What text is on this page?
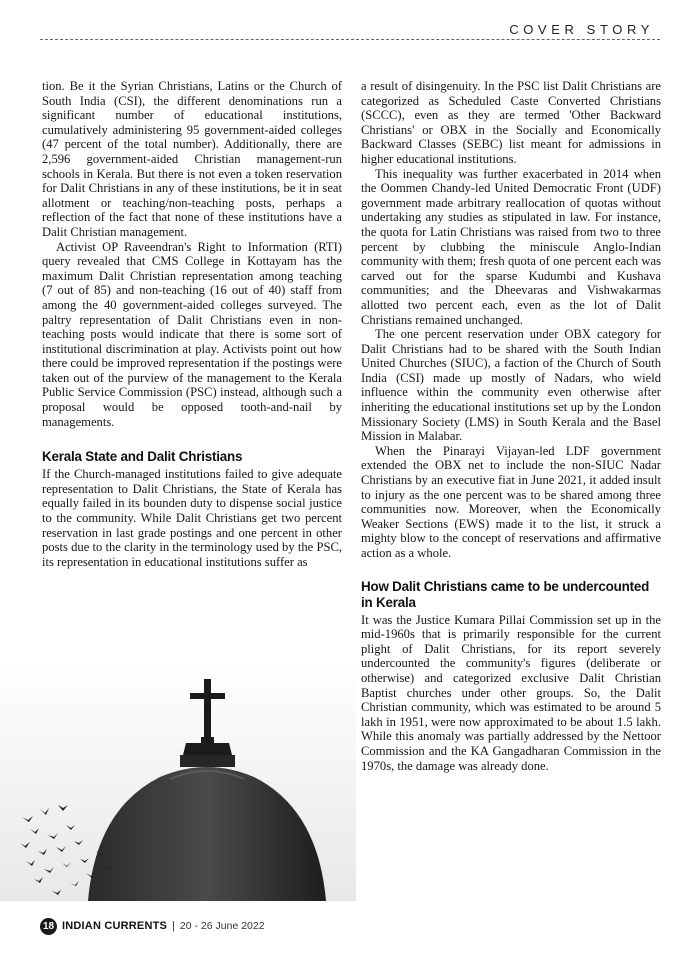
COVER STORY

tion. Be it the Syrian Christians, Latins or the Church of South India (CSI), the different denominations run a significant number of educational institutions, cumulatively administering 95 government-aided colleges (47 percent of the total number). Additionally, there are 2,596 government-aided Christian management-run schools in Kerala. But there is not even a token reservation for Dalit Christians in any of these institutions, be it in seat allotment or teaching/non-teaching posts, perhaps a reflection of the fact that none of these institutions have a Dalit Christian management.

Activist OP Raveendran's Right to Information (RTI) query revealed that CMS College in Kottayam has the maximum Dalit Christian representation among teaching (7 out of 85) and non-teaching (16 out of 40) staff from among the 40 government-aided colleges surveyed. The paltry representation of Dalit Christians even in non-teaching posts would indicate that there is some sort of institutional discrimination at play. Activists point out how there could be improved representation if the postings were taken out of the purview of the management to the Kerala Public Service Commission (PSC) instead, although such a proposal would be opposed tooth-and-nail by managements.

Kerala State and Dalit Christians

If the Church-managed institutions failed to give adequate representation to Dalit Christians, the State of Kerala has equally failed in its bounden duty to dispense social justice to the community. While Dalit Christians get two percent reservation in last grade postings and one percent in other posts due to the clarity in the terminology used by the PSC, its representation in educational institutions suffer as

a result of disingenuity. In the PSC list Dalit Christians are categorized as Scheduled Caste Converted Christians (SCCC), even as they are termed 'Other Backward Christians' or OBX in the Socially and Economically Backward Classes (SEBC) list meant for admissions in higher educational institutions.

This inequality was further exacerbated in 2014 when the Oommen Chandy-led United Democratic Front (UDF) government made arbitrary reallocation of quotas without undertaking any studies as stipulated in law. For instance, the quota for Latin Christians was raised from two to three percent by clubbing the miniscule Anglo-Indian community with them; fresh quota of one percent each was carved out for the sparse Kudumbi and Kushava communities; and the Dheevaras and Vishwakarmas allotted two percent each, even as the lot of Dalit Christians remained unchanged.

The one percent reservation under OBX category for Dalit Christians had to be shared with the South Indian United Churches (SIUC), a faction of the Church of South India (CSI) made up mostly of Nadars, who wield influence within the community even otherwise after inheriting the educational institutions set up by the London Missionary Society (LMS) in South Kerala and the Basel Mission in Malabar.

When the Pinarayi Vijayan-led LDF government extended the OBX net to include the non-SIUC Nadar Christians by an executive fiat in June 2021, it added insult to injury as the one percent was to be shared among three communities now. Moreover, when the Economically Weaker Sections (EWS) made it to the list, it struck a mighty blow to the concept of reservations and affirmative action as a whole.

How Dalit Christians came to be undercounted in Kerala

It was the Justice Kumara Pillai Commission set up in the mid-1960s that is primarily responsible for the current plight of Dalit Christians, for its report severely undercounted the community's figures (deliberate or otherwise) and categorized exclusive Dalit Christian Baptist churches under other groups. So, the Dalit Christian community, which was estimated to be around 5 lakh in 1951, were now approximated to be about 1.5 lakh. While this anomaly was partially addressed by the Nettoor Commission and the KA Gangadharan Commission in the 1970s, the damage was already done.

18 INDIAN CURRENTS | 20 - 26 June 2022
